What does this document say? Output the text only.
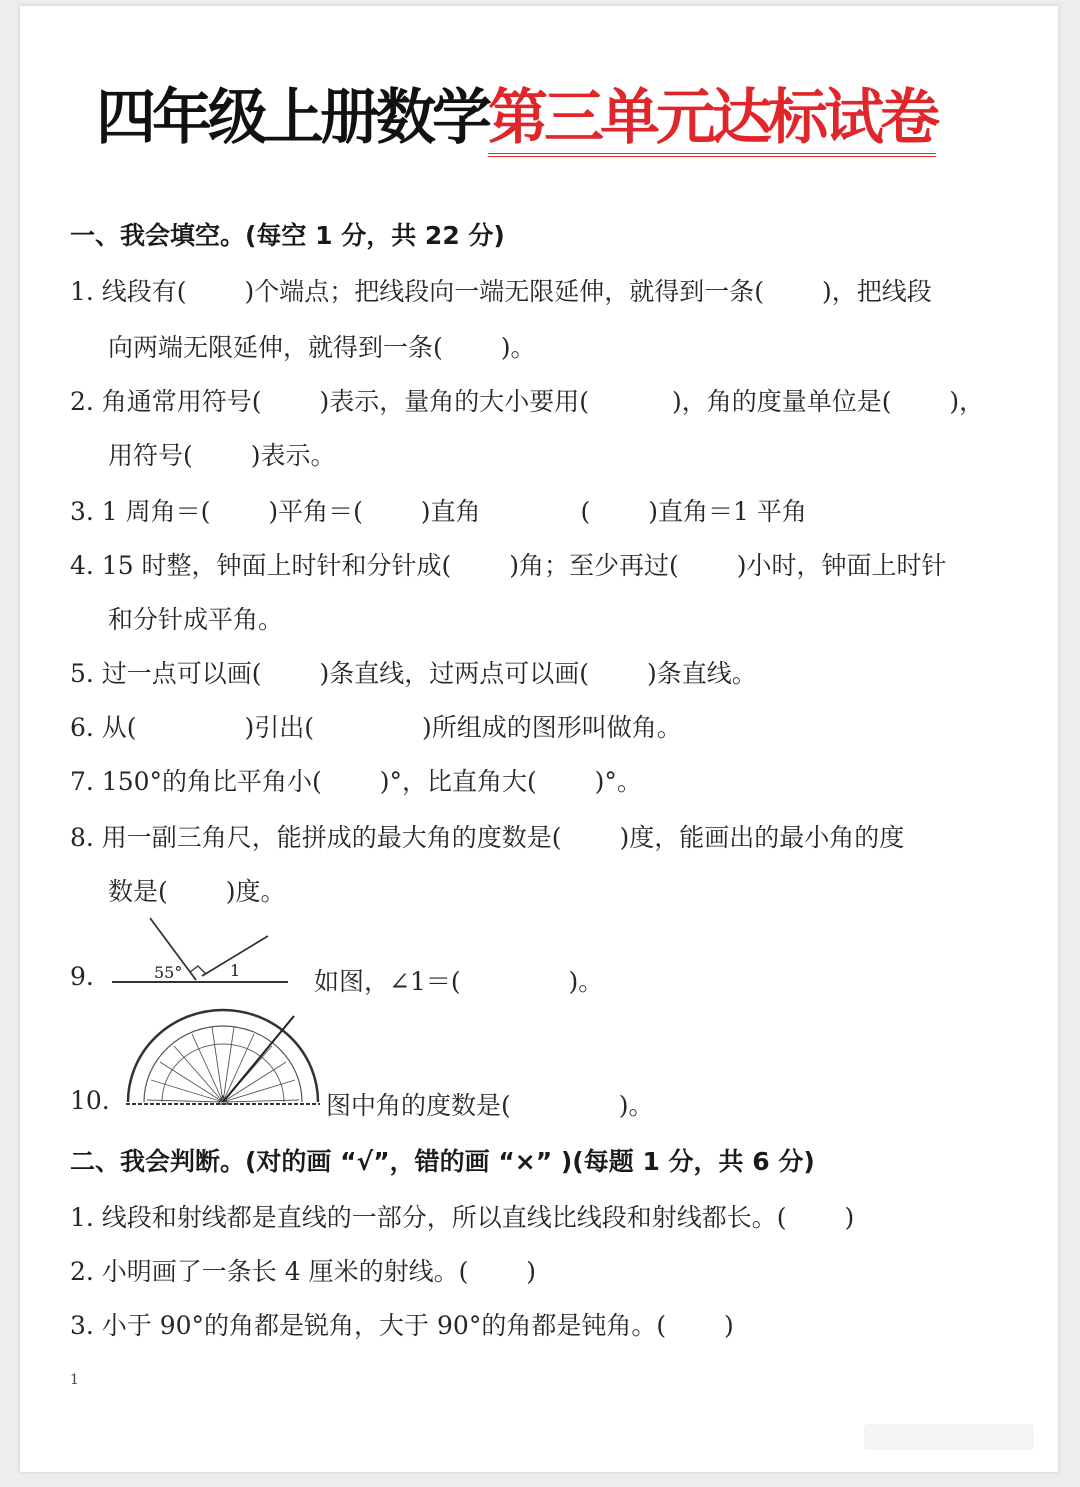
四年级上册数学第三单元达标试卷
一、我会填空。(每空 1 分，共 22 分)
1. 线段有(　　 )个端点；把线段向一端无限延伸，就得到一条(　　 )，把线段
向两端无限延伸，就得到一条(　　 )。
2. 角通常用符号(　　 )表示，量角的大小要用(　　　 )，角的度量单位是(　　 )，
用符号(　　 )表示。
3. 1 周角＝(　　 )平角＝(　　 )直角　　　　(　　 )直角＝1 平角
4. 15 时整，钟面上时针和分针成(　　 )角；至少再过(　　 )小时，钟面上时针
和分针成平角。
5. 过一点可以画(　　 )条直线，过两点可以画(　　 )条直线。
6. 从(　　　　 )引出(　　　　 )所组成的图形叫做角。
7. 150°的角比平角小(　　 )°，比直角大(　　 )°。
8. 用一副三角尺，能拼成的最大角的度数是(　　 )度，能画出的最小角的度
数是(　　 )度。
9.	55°	1	如图，∠1＝(　　　　 )。
10.	图中角的度数是(　　　　 )。
二、我会判断。(对的画 “√”，错的画 “×” )(每题 1 分，共 6 分)
1. 线段和射线都是直线的一部分，所以直线比线段和射线都长。(　　 )
2. 小明画了一条长 4 厘米的射线。(　　 )
3. 小于 90°的角都是锐角，大于 90°的角都是钝角。(　　 )
1
